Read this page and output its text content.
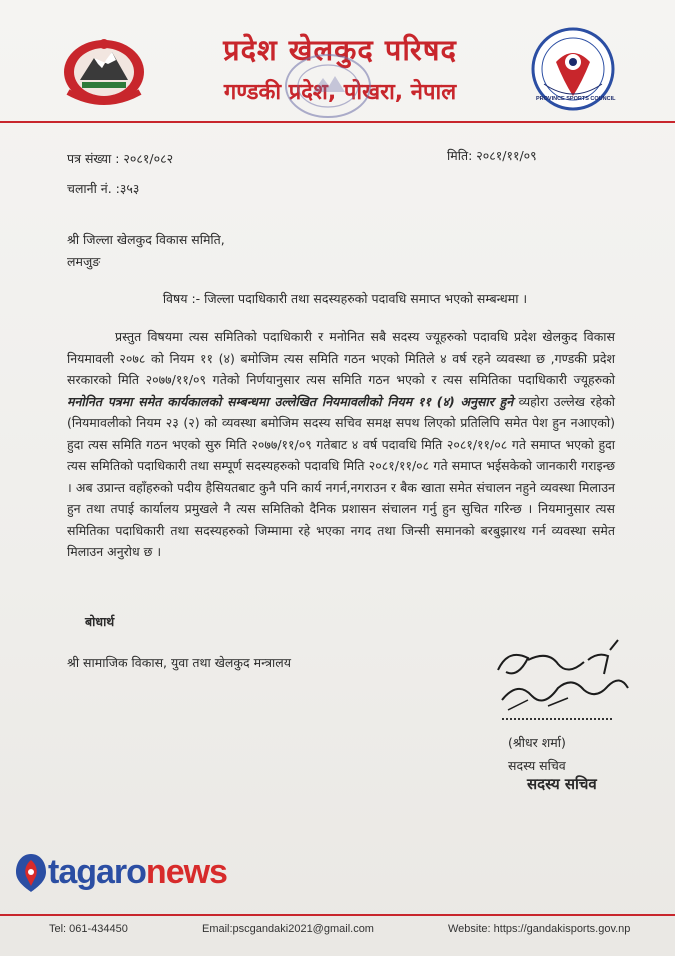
प्रदेश खेलकुद परिषद
गण्डकी प्रदेश, पोखरा, नेपाल	PROVINCE SPORTS COUNCIL
पत्र संख्या : २०८१/०८२	मिति: २०८१/११/०९
चलानी नं. :३५३
श्री जिल्ला खेलकुद विकास समिति,
लमजुङ
विषय :- जिल्ला पदाधिकारी तथा सदस्यहरुको पदावधि समाप्त भएको सम्बन्धमा ।
प्रस्तुत विषयमा त्यस समितिको पदाधिकारी र मनोनित सबै सदस्य ज्यूहरुको पदावधि प्रदेश खेलकुद विकास नियमावली २०७८ को नियम ११ (४) बमोजिम त्यस समिति गठन भएको मितिले ४ वर्ष रहने व्यवस्था छ ,गण्डकी प्रदेश सरकारको मिति २०७७/११/०९ गतेको निर्णयानुसार त्यस समिति गठन भएको र त्यस समितिका पदाधिकारी ज्यूहरुको मनोनित पत्रमा समेत कार्यकालको सम्बन्धमा उल्लेखित नियमावलीको नियम ११ (४) अनुसार हुने व्यहोरा उल्लेख रहेको (नियमावलीको नियम २३ (२) को व्यवस्था बमोजिम सदस्य सचिव समक्ष सपथ लिएको प्रतिलिपि समेत पेश हुन नआएको) हुदा त्यस समिति गठन भएको सुरु मिति २०७७/११/०९ गतेबाट ४ वर्ष पदावधि मिति २०८१/११/०८ गते समाप्त भएको हुदा त्यस समितिको पदाधिकारी तथा सम्पूर्ण सदस्यहरुको पदावधि मिति २०८१/११/०८ गते समाप्त भईसकेको जानकारी गराइन्छ । अब उप्रान्त वहाँहरुको पदीय हैसियतबाट कुनै पनि कार्य नगर्न,नगराउन र बैक खाता समेत संचालन नहुने व्यवस्था मिलाउन हुन तथा तपाई कार्यालय प्रमुखले नै त्यस समितिको दैनिक प्रशासन संचालन गर्नु हुन सुचित गरिन्छ । नियमानुसार त्यस समितिका पदाधिकारी तथा सदस्यहरुको जिम्मामा रहे भएका नगद तथा जिन्सी समानको बरबुझारथ गर्न व्यवस्था समेत मिलाउन अनुरोध छ ।
बोधार्थ
श्री सामाजिक विकास, युवा तथा खेलकुद मन्त्रालय
(श्रीधर शर्मा)
सदस्य सचिव
सदस्य सचिव
tagaro news
Tel: 061-434450	Email:pscgandaki2021@gmail.com	Website: https://gandakisports.gov.np
